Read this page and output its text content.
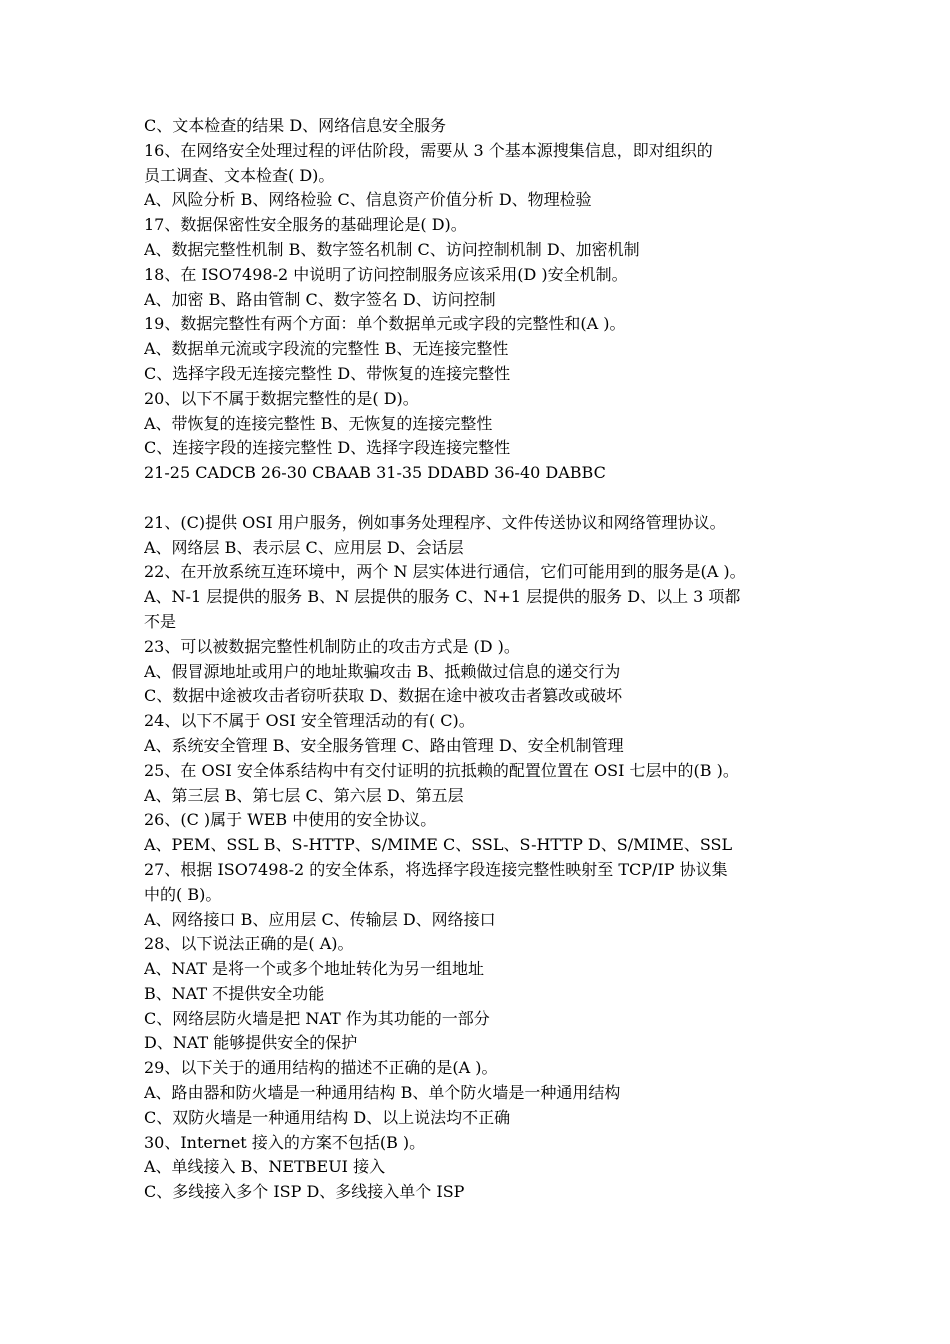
C、文本检查的结果 D、网络信息安全服务
16、在网络安全处理过程的评估阶段，需要从 3 个基本源搜集信息，即对组织的
员工调查、文本检查( D)。
A、风险分析 B、网络检验 C、信息资产价值分析 D、物理检验
17、数据保密性安全服务的基础理论是( D)。
A、数据完整性机制 B、数字签名机制 C、访问控制机制 D、加密机制
18、在 ISO7498-2 中说明了访问控制服务应该采用(D )安全机制。
A、加密 B、路由管制 C、数字签名 D、访问控制
19、数据完整性有两个方面：单个数据单元或字段的完整性和(A )。
A、数据单元流或字段流的完整性 B、无连接完整性
C、选择字段无连接完整性 D、带恢复的连接完整性
20、以下不属于数据完整性的是( D)。
A、带恢复的连接完整性 B、无恢复的连接完整性
C、连接字段的连接完整性 D、选择字段连接完整性
21-25 CADCB 26-30 CBAAB 31-35 DDABD 36-40 DABBC
21、(C)提供 OSI 用户服务，例如事务处理程序、文件传送协议和网络管理协议。
A、网络层 B、表示层 C、应用层 D、会话层
22、在开放系统互连环境中，两个 N 层实体进行通信，它们可能用到的服务是(A )。
A、N-1 层提供的服务 B、N 层提供的服务 C、N+1 层提供的服务 D、以上 3 项都
不是
23、可以被数据完整性机制防止的攻击方式是 (D )。
A、假冒源地址或用户的地址欺骗攻击 B、抵赖做过信息的递交行为
C、数据中途被攻击者窃听获取 D、数据在途中被攻击者篡改或破坏
24、以下不属于 OSI 安全管理活动的有( C)。
A、系统安全管理 B、安全服务管理 C、路由管理 D、安全机制管理
25、在 OSI 安全体系结构中有交付证明的抗抵赖的配置位置在 OSI 七层中的(B )。
A、第三层 B、第七层 C、第六层 D、第五层
26、(C )属于 WEB 中使用的安全协议。
A、PEM、SSL B、S-HTTP、S/MIME C、SSL、S-HTTP D、S/MIME、SSL
27、根据 ISO7498-2 的安全体系，将选择字段连接完整性映射至 TCP/IP 协议集
中的( B)。
A、网络接口 B、应用层 C、传输层 D、网络接口
28、以下说法正确的是( A)。
A、NAT 是将一个或多个地址转化为另一组地址
B、NAT 不提供安全功能
C、网络层防火墙是把 NAT 作为其功能的一部分
D、NAT 能够提供安全的保护
29、以下关于的通用结构的描述不正确的是(A )。
A、路由器和防火墙是一种通用结构 B、单个防火墙是一种通用结构
C、双防火墙是一种通用结构 D、以上说法均不正确
30、Internet 接入的方案不包括(B )。
A、单线接入 B、NETBEUI 接入
C、多线接入多个 ISP D、多线接入单个 ISP
